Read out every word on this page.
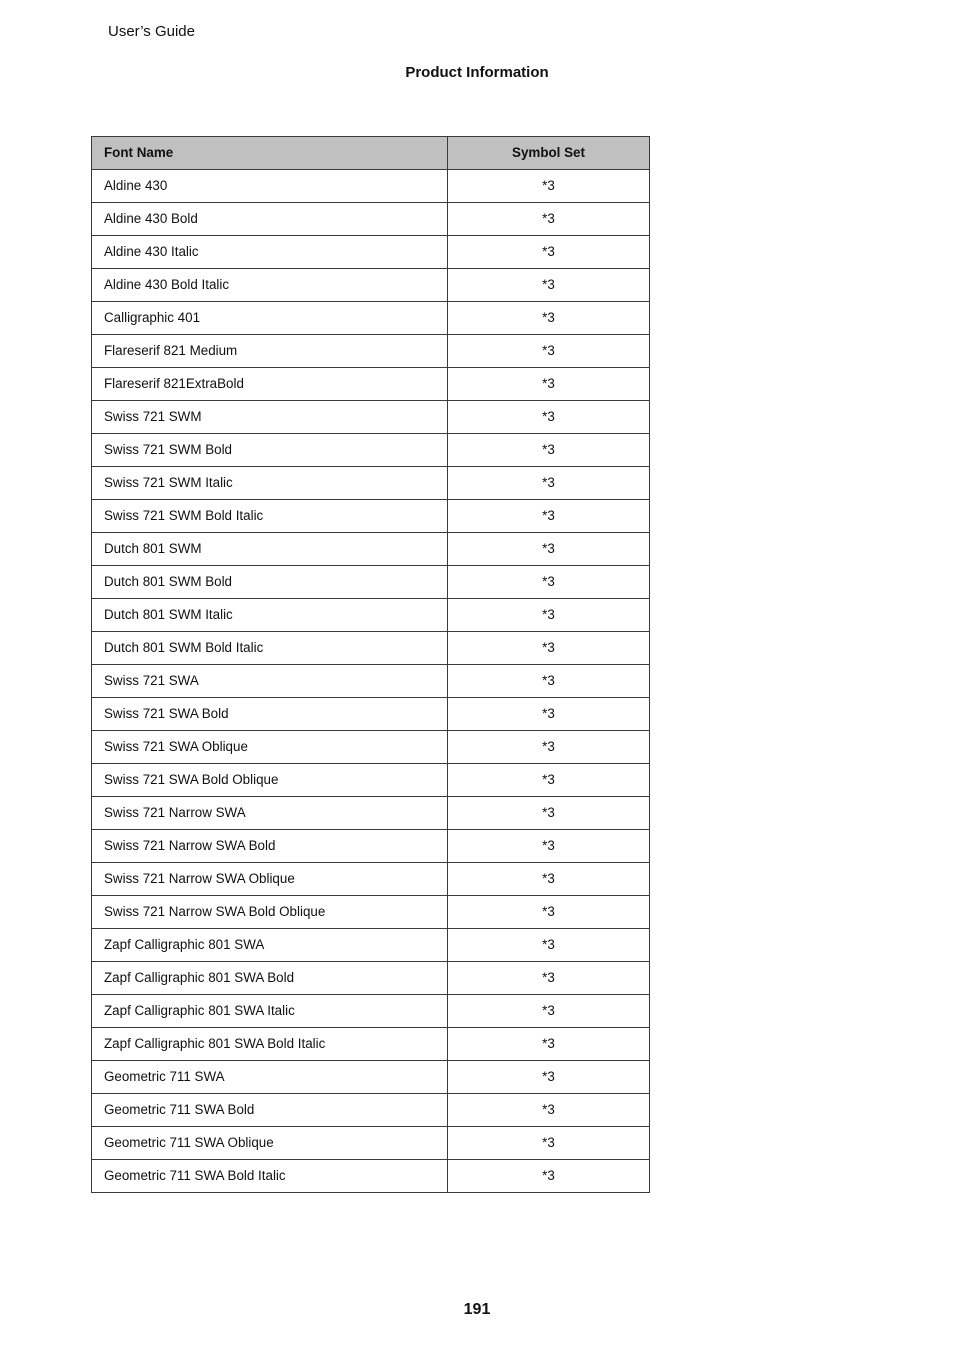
User’s Guide
Product Information
Font Name	Symbol Set
Aldine 430	*3
Aldine 430 Bold	*3
Aldine 430 Italic	*3
Aldine 430 Bold Italic	*3
Calligraphic 401	*3
Flareserif 821 Medium	*3
Flareserif 821ExtraBold	*3
Swiss 721 SWM	*3
Swiss 721 SWM Bold	*3
Swiss 721 SWM Italic	*3
Swiss 721 SWM Bold Italic	*3
Dutch 801 SWM	*3
Dutch 801 SWM Bold	*3
Dutch 801 SWM Italic	*3
Dutch 801 SWM Bold Italic	*3
Swiss 721 SWA	*3
Swiss 721 SWA Bold	*3
Swiss 721 SWA Oblique	*3
Swiss 721 SWA Bold Oblique	*3
Swiss 721 Narrow SWA	*3
Swiss 721 Narrow SWA Bold	*3
Swiss 721 Narrow SWA Oblique	*3
Swiss 721 Narrow SWA Bold Oblique	*3
Zapf Calligraphic 801 SWA	*3
Zapf Calligraphic 801 SWA Bold	*3
Zapf Calligraphic 801 SWA Italic	*3
Zapf Calligraphic 801 SWA Bold Italic	*3
Geometric 711 SWA	*3
Geometric 711 SWA Bold	*3
Geometric 711 SWA Oblique	*3
Geometric 711 SWA Bold Italic	*3
191
